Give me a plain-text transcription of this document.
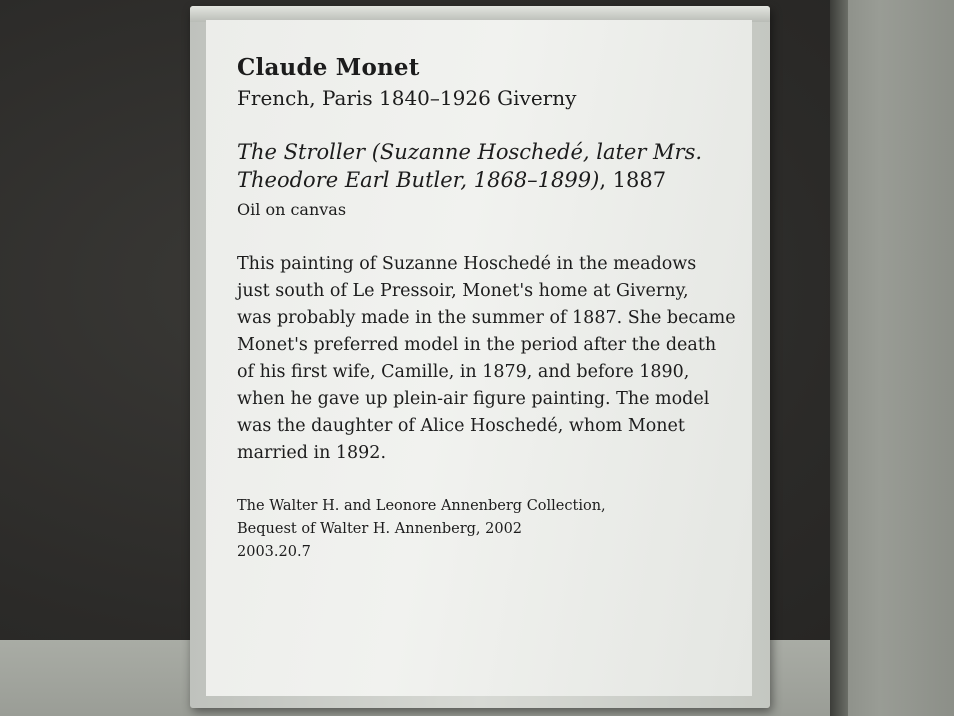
Claude Monet
French, Paris 1840–1926 Giverny
The Stroller (Suzanne Hoschedé, later Mrs.
Theodore Earl Butler, 1868–1899), 1887
Oil on canvas
This painting of Suzanne Hoschedé in the meadows
just south of Le Pressoir, Monet's home at Giverny,
was probably made in the summer of 1887. She became
Monet's preferred model in the period after the death
of his first wife, Camille, in 1879, and before 1890,
when he gave up plein-air figure painting. The model
was the daughter of Alice Hoschedé, whom Monet
married in 1892.
The Walter H. and Leonore Annenberg Collection,
Bequest of Walter H. Annenberg, 2002
2003.20.7
